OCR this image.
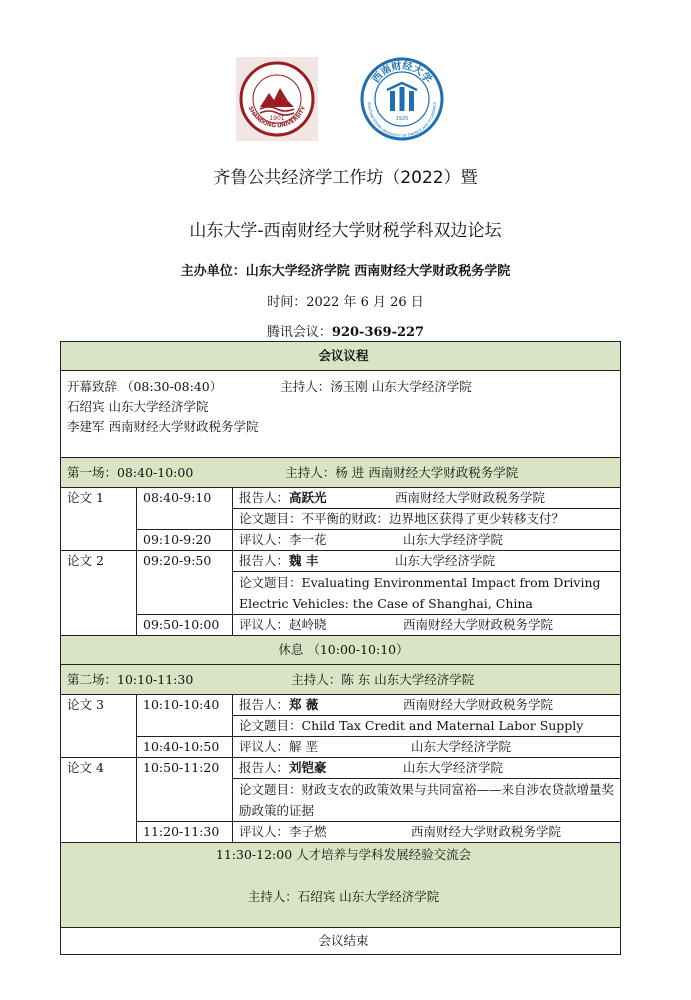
1901
SHANDONG UNIVERSITY
西南财经大学
SOUTHWESTERN UNIVERSITY OF FINANCE AND ECONOMICS
1925
齐鲁公共经济学工作坊（2022）暨
山东大学-西南财经大学财税学科双边论坛
主办单位：山东大学经济学院 西南财经大学财政税务学院
时间：2022 年 6 月 26 日
腾讯会议：920-369-227
会议议程		

开幕致辞 （08:30-08:40） 主持人：汤玉刚 山东大学经济学院
石绍宾 山东大学经济学院
李建军 西南财经大学财政税务学院		

第一场：08:40-10:00 主持人：杨 进 西南财经大学财政税务学院		
论文 1	08:40-9:10	报告人：高跃光 西南财经大学财政税务学院
		论文题目：不平衡的财政：边界地区获得了更少转移支付？
	09:10-9:20	评议人：李一花 山东大学经济学院
论文 2	09:20-9:50	报告人：魏 丰 山东大学经济学院

		论文题目：Evaluating Environmental Impact from Driving
Electric Vehicles: the Case of Shanghai, China

	09:50-10:00	评议人：赵岭晓 西南财经大学财政税务学院
休息 （10:00-10:10）		
第二场：10:10-11:30 主持人：陈 东 山东大学经济学院		
论文 3	10:10-10:40	报告人：郑 薇 西南财经大学财政税务学院
		论文题目：Child Tax Credit and Maternal Labor Supply
	10:40-10:50	评议人：解 垩 山东大学经济学院
论文 4	10:50-11:20	报告人：刘铠豪 山东大学经济学院
		论文题目：财政支农的政策效果与共同富裕——来自涉农贷款增量奖励政策的证据
	11:20-11:30	评议人：李子燃 西南财经大学财政税务学院

11:30-12:00 人才培养与学科发展经验交流会
主持人：石绍宾 山东大学经济学院		

会议结束		
